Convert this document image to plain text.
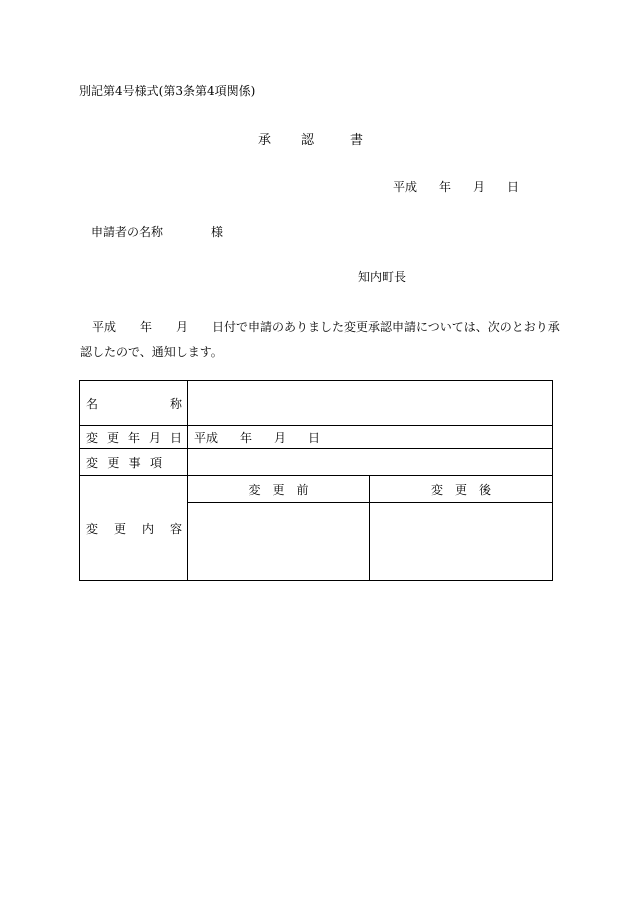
別記第4号様式(第3条第4項関係)
承 認	書
平成 年 月 日
申請者の名称	様
知内町長
平成 年 月 日付で申請のありました変更承認申請については、次のとおり承
認したので、通知します。
名 称		

変 更 年 月 日	平成 年 月 日	

変 更 事 項		

変 更 内 容	変　更　前	変　更　後
